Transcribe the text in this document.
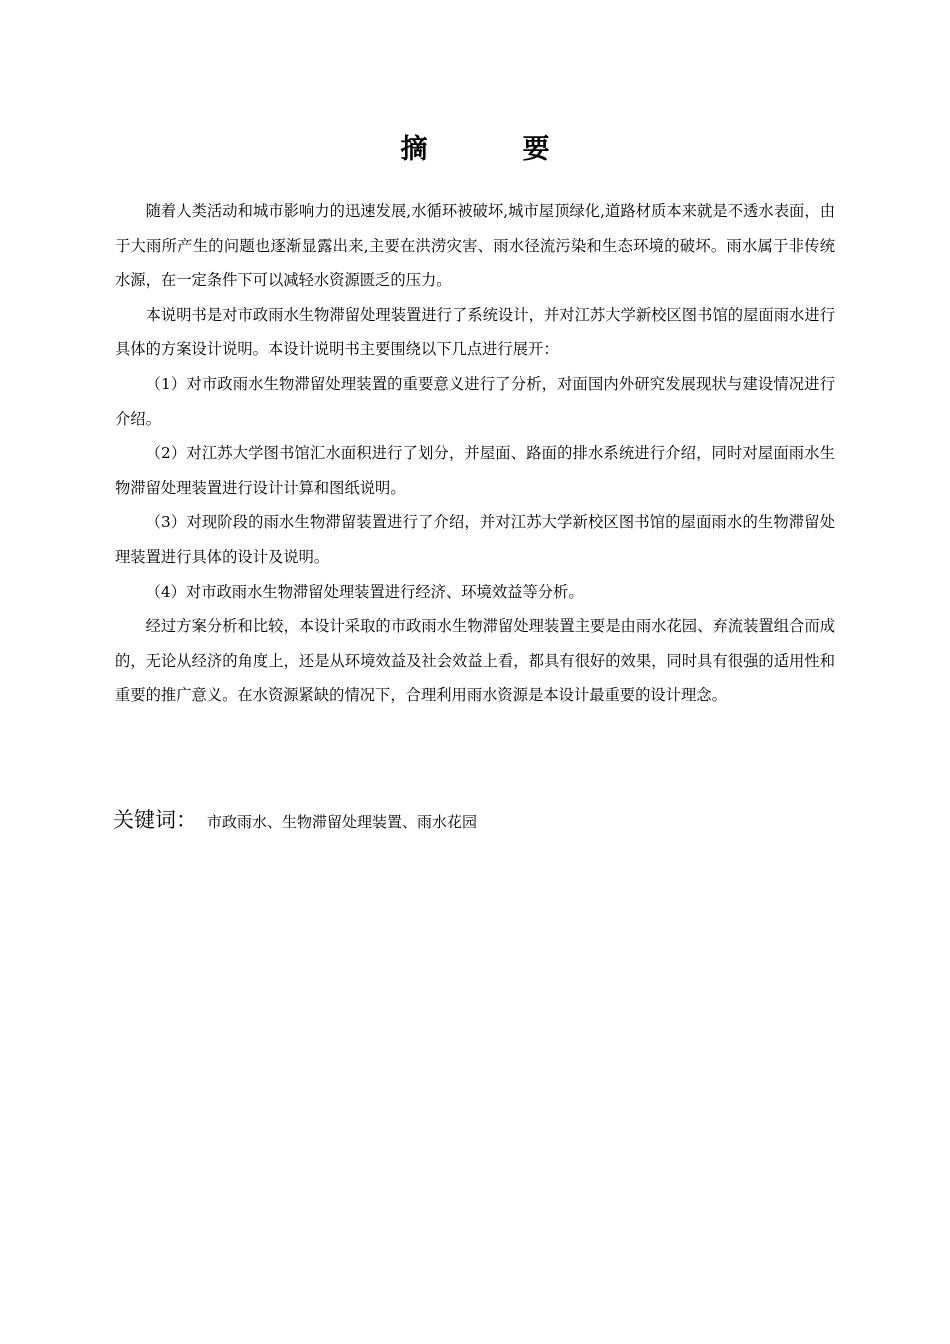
摘　要

随着人类活动和城市影响力的迅速发展,水循环被破坏,城市屋顶绿化,道路材质本来就是不透水表面，由于大雨所产生的问题也逐渐显露出来,主要在洪涝灾害、雨水径流污染和生态环境的破坏。雨水属于非传统水源，在一定条件下可以减轻水资源匮乏的压力。

本说明书是对市政雨水生物滞留处理装置进行了系统设计，并对江苏大学新校区图书馆的屋面雨水进行具体的方案设计说明。本设计说明书主要围绕以下几点进行展开：

（1）对市政雨水生物滞留处理装置的重要意义进行了分析，对面国内外研究发展现状与建设情况进行介绍。

（2）对江苏大学图书馆汇水面积进行了划分，并屋面、路面的排水系统进行介绍，同时对屋面雨水生物滞留处理装置进行设计计算和图纸说明。

（3）对现阶段的雨水生物滞留装置进行了介绍，并对江苏大学新校区图书馆的屋面雨水的生物滞留处理装置进行具体的设计及说明。

（4）对市政雨水生物滞留处理装置进行经济、环境效益等分析。

经过方案分析和比较，本设计采取的市政雨水生物滞留处理装置主要是由雨水花园、弃流装置组合而成的，无论从经济的角度上，还是从环境效益及社会效益上看，都具有很好的效果，同时具有很强的适用性和重要的推广意义。在水资源紧缺的情况下，合理利用雨水资源是本设计最重要的设计理念。

关键词： 市政雨水、生物滞留处理装置、雨水花园
